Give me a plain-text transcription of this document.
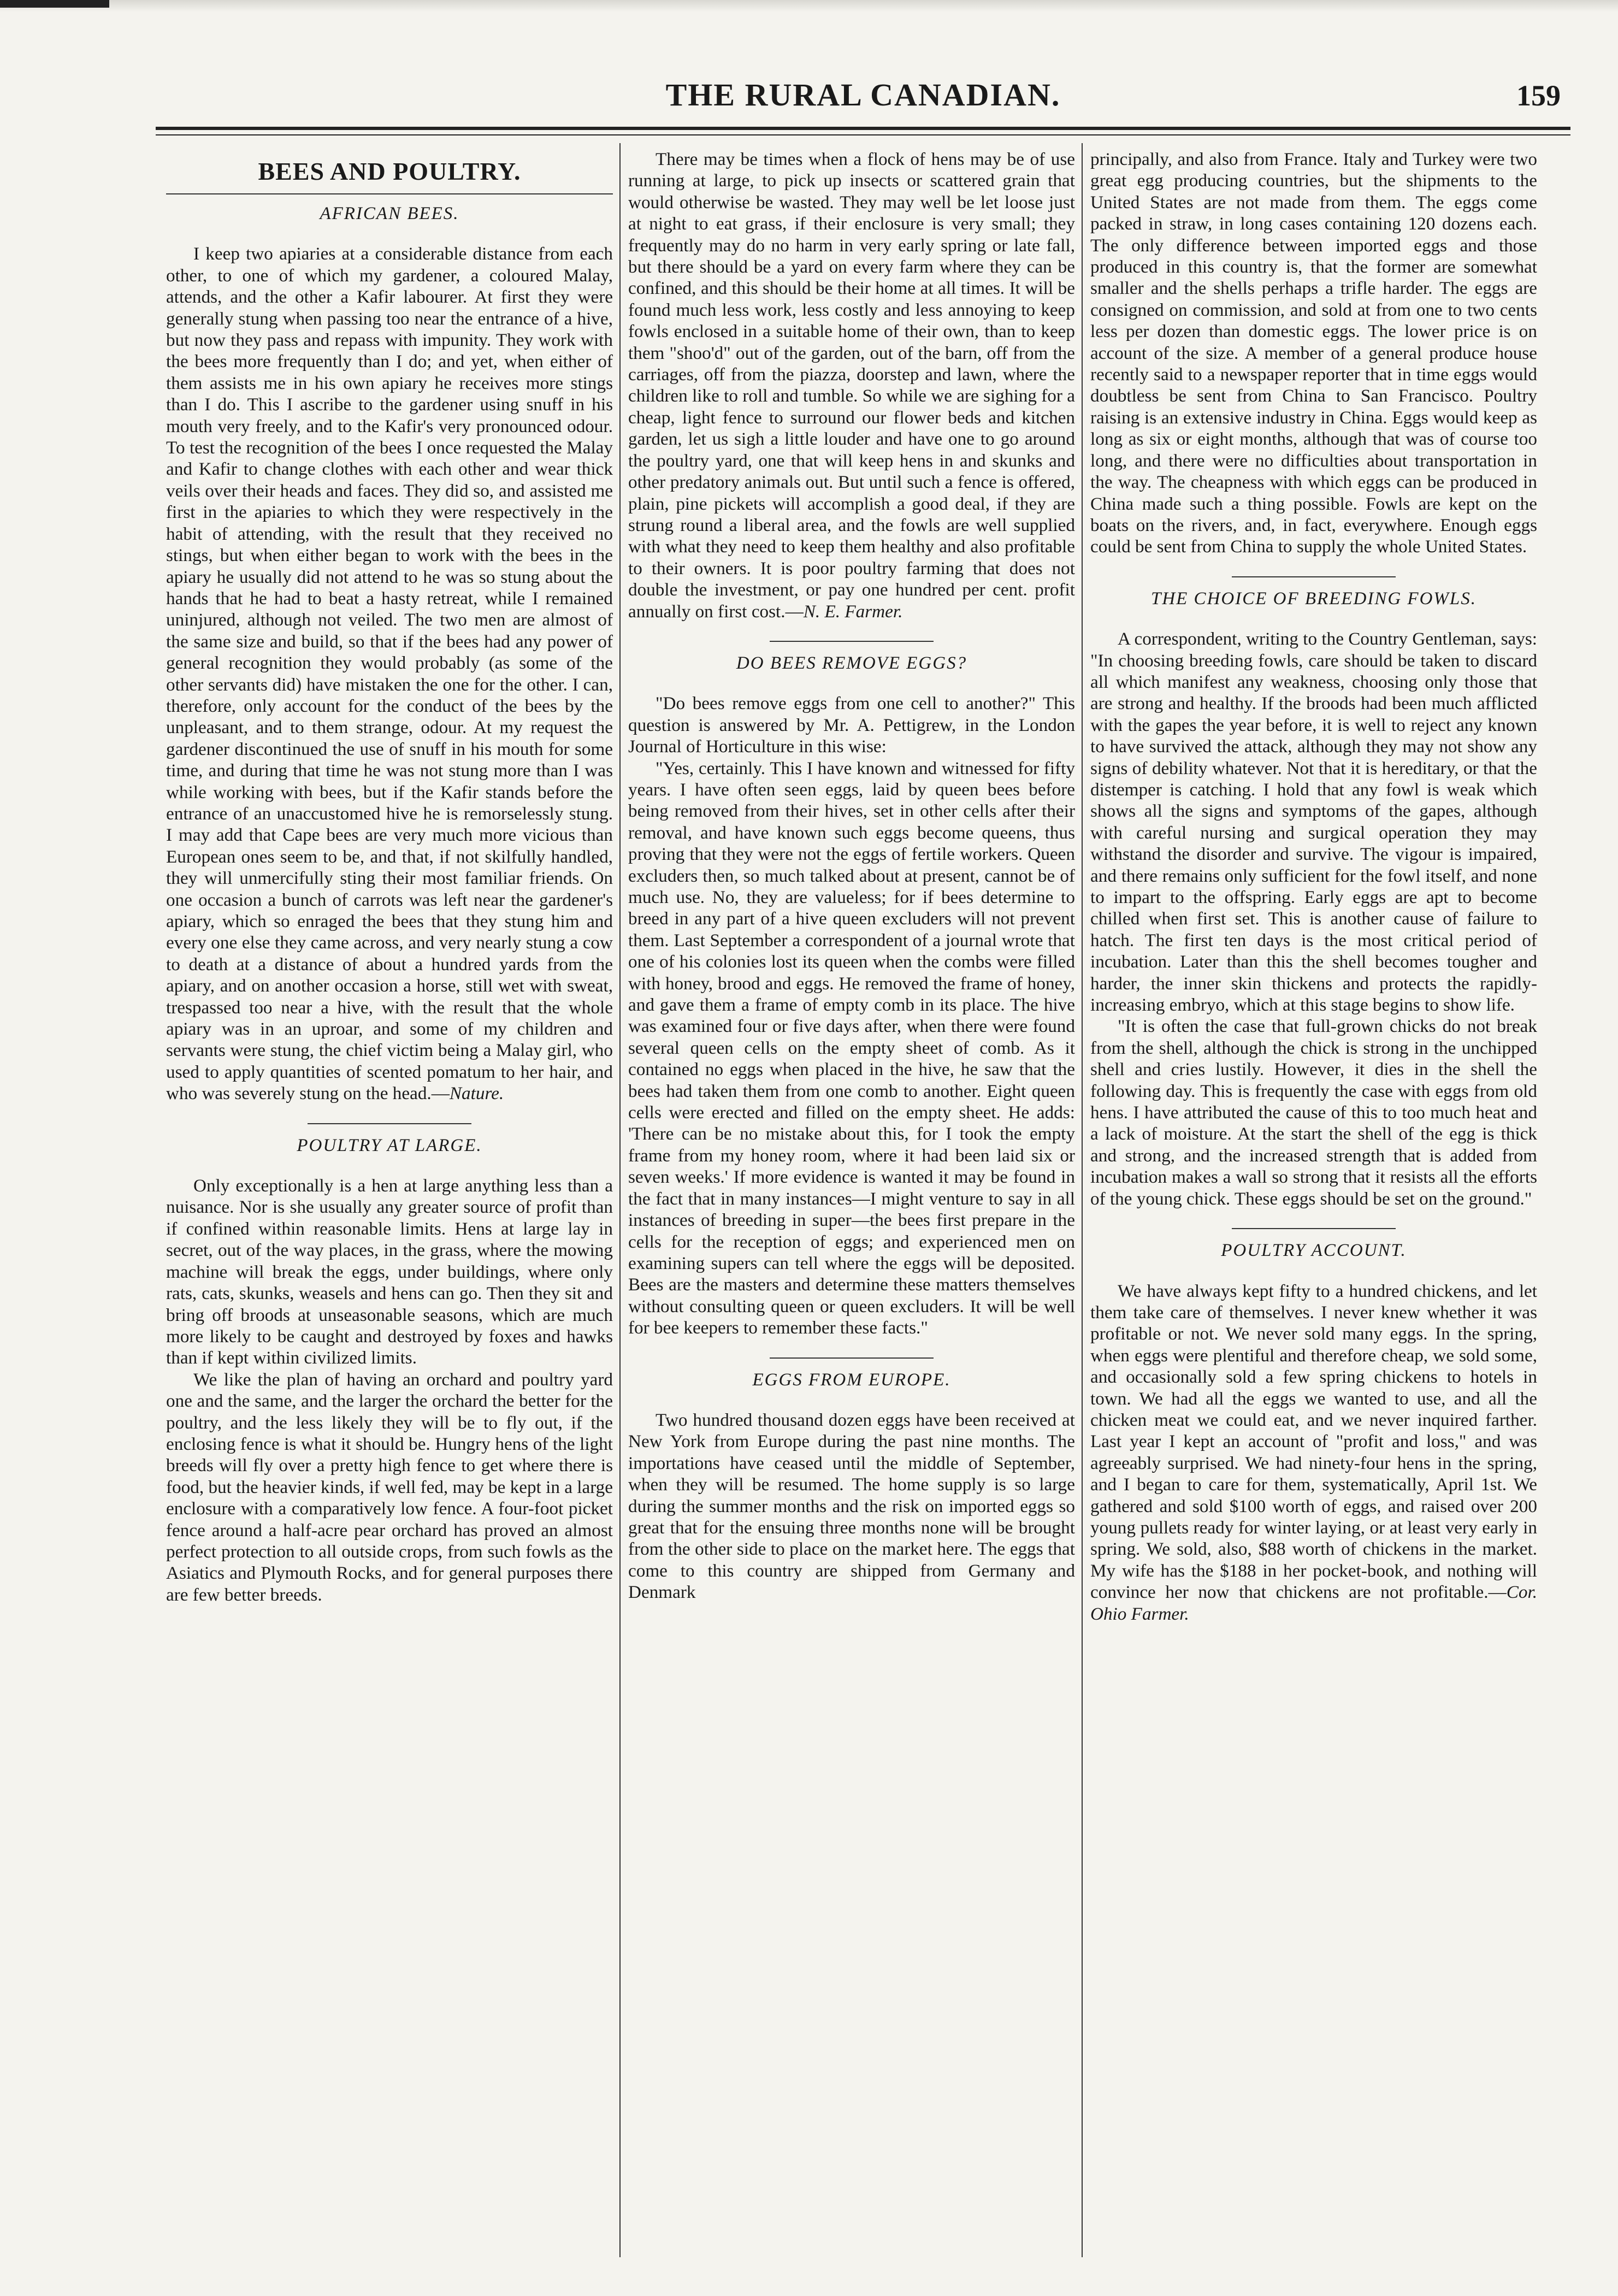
THE RURAL CANADIAN.	159
BEES AND POULTRY.
AFRICAN BEES.

I keep two apiaries at a considerable distance from each other, to one of which my gardener, a coloured Malay, attends, and the other a Kafir labourer. At first they were generally stung when passing too near the entrance of a hive, but now they pass and repass with impunity. They work with the bees more frequently than I do; and yet, when either of them assists me in his own apiary he receives more stings than I do. This I ascribe to the gardener using snuff in his mouth very freely, and to the Kafir's very pronounced odour. To test the recognition of the bees I once requested the Malay and Kafir to change clothes with each other and wear thick veils over their heads and faces. They did so, and assisted me first in the apiaries to which they were respectively in the habit of attending, with the result that they received no stings, but when either began to work with the bees in the apiary he usually did not attend to he was so stung about the hands that he had to beat a hasty retreat, while I remained uninjured, although not veiled. The two men are almost of the same size and build, so that if the bees had any power of general recognition they would probably (as some of the other servants did) have mistaken the one for the other. I can, therefore, only account for the conduct of the bees by the unpleasant, and to them strange, odour. At my request the gardener discontinued the use of snuff in his mouth for some time, and during that time he was not stung more than I was while working with bees, but if the Kafir stands before the entrance of an unaccustomed hive he is remorselessly stung. I may add that Cape bees are very much more vicious than European ones seem to be, and that, if not skilfully handled, they will unmercifully sting their most familiar friends. On one occasion a bunch of carrots was left near the gardener's apiary, which so enraged the bees that they stung him and every one else they came across, and very nearly stung a cow to death at a distance of about a hundred yards from the apiary, and on another occasion a horse, still wet with sweat, trespassed too near a hive, with the result that the whole apiary was in an uproar, and some of my children and servants were stung, the chief victim being a Malay girl, who used to apply quantities of scented pomatum to her hair, and who was severely stung on the head.—Nature.

POULTRY AT LARGE.

Only exceptionally is a hen at large anything less than a nuisance. Nor is she usually any greater source of profit than if confined within reasonable limits. Hens at large lay in secret, out of the way places, in the grass, where the mowing machine will break the eggs, under buildings, where only rats, cats, skunks, weasels and hens can go. Then they sit and bring off broods at unseasonable seasons, which are much more likely to be caught and destroyed by foxes and hawks than if kept within civilized limits.

We like the plan of having an orchard and poultry yard one and the same, and the larger the orchard the better for the poultry, and the less likely they will be to fly out, if the enclosing fence is what it should be. Hungry hens of the light breeds will fly over a pretty high fence to get where there is food, but the heavier kinds, if well fed, may be kept in a large enclosure with a comparatively low fence. A four-foot picket fence around a half-acre pear orchard has proved an almost perfect protection to all outside crops, from such fowls as the Asiatics and Plymouth Rocks, and for general purposes there are few better breeds.

There may be times when a flock of hens may be of use running at large, to pick up insects or scattered grain that would otherwise be wasted. They may well be let loose just at night to eat grass, if their enclosure is very small; they frequently may do no harm in very early spring or late fall, but there should be a yard on every farm where they can be confined, and this should be their home at all times. It will be found much less work, less costly and less annoying to keep fowls enclosed in a suitable home of their own, than to keep them "shoo'd" out of the garden, out of the barn, off from the carriages, off from the piazza, doorstep and lawn, where the children like to roll and tumble. So while we are sighing for a cheap, light fence to surround our flower beds and kitchen garden, let us sigh a little louder and have one to go around the poultry yard, one that will keep hens in and skunks and other predatory animals out. But until such a fence is offered, plain, pine pickets will accomplish a good deal, if they are strung round a liberal area, and the fowls are well supplied with what they need to keep them healthy and also profitable to their owners. It is poor poultry farming that does not double the investment, or pay one hundred per cent. profit annually on first cost.—N. E. Farmer.

DO BEES REMOVE EGGS?

"Do bees remove eggs from one cell to another?" This question is answered by Mr. A. Pettigrew, in the London Journal of Horticulture in this wise:

"Yes, certainly. This I have known and witnessed for fifty years. I have often seen eggs, laid by queen bees before being removed from their hives, set in other cells after their removal, and have known such eggs become queens, thus proving that they were not the eggs of fertile workers. Queen excluders then, so much talked about at present, cannot be of much use. No, they are valueless; for if bees determine to breed in any part of a hive queen excluders will not prevent them. Last September a correspondent of a journal wrote that one of his colonies lost its queen when the combs were filled with honey, brood and eggs. He removed the frame of honey, and gave them a frame of empty comb in its place. The hive was examined four or five days after, when there were found several queen cells on the empty sheet of comb. As it contained no eggs when placed in the hive, he saw that the bees had taken them from one comb to another. Eight queen cells were erected and filled on the empty sheet. He adds: 'There can be no mistake about this, for I took the empty frame from my honey room, where it had been laid six or seven weeks.' If more evidence is wanted it may be found in the fact that in many instances—I might venture to say in all instances of breeding in super—the bees first prepare in the cells for the reception of eggs; and experienced men on examining supers can tell where the eggs will be deposited. Bees are the masters and determine these matters themselves without consulting queen or queen excluders. It will be well for bee keepers to remember these facts."

EGGS FROM EUROPE.

Two hundred thousand dozen eggs have been received at New York from Europe during the past nine months. The importations have ceased until the middle of September, when they will be resumed. The home supply is so large during the summer months and the risk on imported eggs so great that for the ensuing three months none will be brought from the other side to place on the market here. The eggs that come to this country are shipped from Germany and Denmark

principally, and also from France. Italy and Turkey were two great egg producing countries, but the shipments to the United States are not made from them. The eggs come packed in straw, in long cases containing 120 dozens each. The only difference between imported eggs and those produced in this country is, that the former are somewhat smaller and the shells perhaps a trifle harder. The eggs are consigned on commission, and sold at from one to two cents less per dozen than domestic eggs. The lower price is on account of the size. A member of a general produce house recently said to a newspaper reporter that in time eggs would doubtless be sent from China to San Francisco. Poultry raising is an extensive industry in China. Eggs would keep as long as six or eight months, although that was of course too long, and there were no difficulties about transportation in the way. The cheapness with which eggs can be produced in China made such a thing possible. Fowls are kept on the boats on the rivers, and, in fact, everywhere. Enough eggs could be sent from China to supply the whole United States.

THE CHOICE OF BREEDING FOWLS.

A correspondent, writing to the Country Gentleman, says: "In choosing breeding fowls, care should be taken to discard all which manifest any weakness, choosing only those that are strong and healthy. If the broods had been much afflicted with the gapes the year before, it is well to reject any known to have survived the attack, although they may not show any signs of debility whatever. Not that it is hereditary, or that the distemper is catching. I hold that any fowl is weak which shows all the signs and symptoms of the gapes, although with careful nursing and surgical operation they may withstand the disorder and survive. The vigour is impaired, and there remains only sufficient for the fowl itself, and none to impart to the offspring. Early eggs are apt to become chilled when first set. This is another cause of failure to hatch. The first ten days is the most critical period of incubation. Later than this the shell becomes tougher and harder, the inner skin thickens and protects the rapidly-increasing embryo, which at this stage begins to show life.

"It is often the case that full-grown chicks do not break from the shell, although the chick is strong in the unchipped shell and cries lustily. However, it dies in the shell the following day. This is frequently the case with eggs from old hens. I have attributed the cause of this to too much heat and a lack of moisture. At the start the shell of the egg is thick and strong, and the increased strength that is added from incubation makes a wall so strong that it resists all the efforts of the young chick. These eggs should be set on the ground."

POULTRY ACCOUNT.

We have always kept fifty to a hundred chickens, and let them take care of themselves. I never knew whether it was profitable or not. We never sold many eggs. In the spring, when eggs were plentiful and therefore cheap, we sold some, and occasionally sold a few spring chickens to hotels in town. We had all the eggs we wanted to use, and all the chicken meat we could eat, and we never inquired farther. Last year I kept an account of "profit and loss," and was agreeably surprised. We had ninety-four hens in the spring, and I began to care for them, systematically, April 1st. We gathered and sold $100 worth of eggs, and raised over 200 young pullets ready for winter laying, or at least very early in spring. We sold, also, $88 worth of chickens in the market. My wife has the $188 in her pocket-book, and nothing will convince her now that chickens are not profitable.—Cor. Ohio Farmer.
